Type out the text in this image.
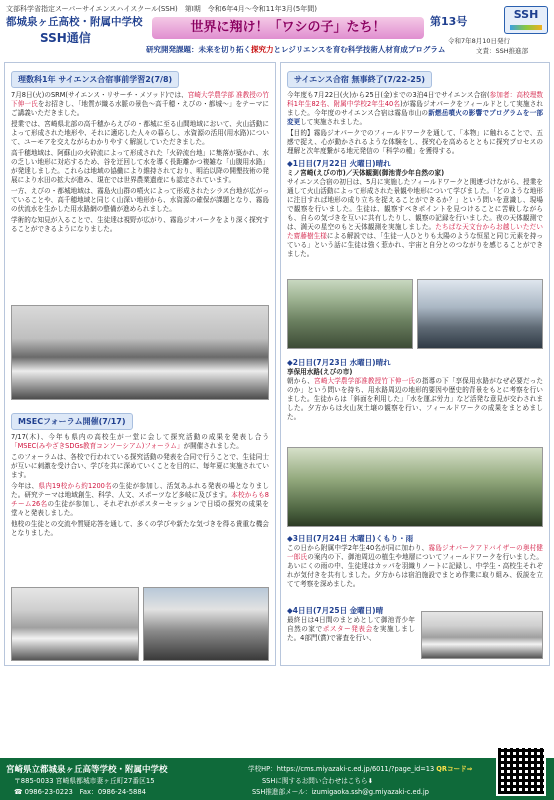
文部科学省指定スーパーサイエンスハイスクール(SSH)　第Ⅰ期　令和6年4月～令和11年3月(5年間)
都城泉ヶ丘高校・附属中学校
SSH通信
世界に翔け！「ワシの子」たち！
研究開発課題：未来を切り拓く探究力とレジリエンスを育む科学技術人材育成プログラム
第13号
SSH
令和7年8月10日発行
文責：SSH推進部
理数科1年 サイエンス合宿事前学習2(7/8)

7月8日(火)のSRM(サイエンス・リサーチ・メソッド)では、宮崎大学農学部 准教授の竹下伸一氏をお招きし、「地質が織る水脈の景色～高千穂・えびの・都城～」をテーマにご講義いただきました。

授業では、宮崎県北部の高千穂からえびの・都城に至る山間地域において、火山活動によって形成された地形や、それに適応した人々の暮らし、水資源の活用(用水路)について、ユーモアを交えながらわかりやすく解説していただきました。

高千穂地域は、阿蘇山の火砕流によって形成された「火砕流台地」に集落が築かれ、水の乏しい地形に対応するため、谷を迂回して水を導く長距離かつ複雑な「山腹用水路」が発達しました。これらは地域の協働により維持されており、明治以降の開墾技術の発展により水田の拡大が進み、現在では世界農業遺産にも認定されています。

一方、えびの・都城地域は、霧島火山群の噴火によって形成されたシラス台地が広がっていることや、高千穂地域と同じく山深い地形から、水資源の確保が課題となり、霧島の伏流水を生かした用水路網の整備が進められました。

学術的な知見が入ることで、生徒達は視野が広がり、霧島ジオパークをより深く探究することができるようになりました。

MSECフォーラム開催(7/17)

7/17(木)、今年も県内の高校生が一堂に会して探究活動の成果を発表し合う「MSEC(みやざきSDGs教育コンソーシアム)フォーラム」が開催されました。

このフォーラムは、各校で行われている探究活動の発表を合同で行うことで、生徒同士が互いに刺激を受け合い、学びを共に深めていくことを目的に、毎年夏に実施されています。

今年は、県内19校から約1200名の生徒が参加し、活気あふれる発表の場となりました。研究テーマは地域創生、科学、人文、スポーツなど多岐に及びます。本校からも8チーム26名の生徒が参加し、それぞれがポスターセッションで日頃の探究の成果を堂々と発表しました。

他校の生徒との交流や質疑応答を通して、多くの学びや新たな気づきを得る貴重な機会となりました。

サイエンス合宿 無事終了(7/22-25)

今年度も7月22日(火)から25日(金)までの3泊4日でサイエンス合宿(参加者：高校理数科1年生82名、附属中学校2年生40名)が霧島ジオパークをフィールドとして実施されました。今年度のサイエンス合宿は霧島市山の新燃岳噴火の影響でプログラムを一部変更して実施されました。

【目的】霧島ジオパークでのフィールドワークを通して、「本物」に触れることで、五感で捉え、心が動かされるような体験をし、探究心を高めるとともに探究プロセスの理解と次年度繋がる地元発信の「科学の種」を獲得する。

◆1日目(7月22日 火曜日)晴れ
ミノ宮崎(えびの市)／天体観測(御池青少年自然の家)

サイエンス合宿の初日は、5月に実施したフィールドワークと関連づけながら、授業を通して火山活動によって形成された景観や地形について学びました。「どのような地形に注目すれば地形の成り立ちを捉えることができるか？」という問いを意識し、現場で観察を行いました。生徒は、観察すべきポイントを見つけることに苦戦しながらも、自らの気づきを互いに共有したりし、観察の記録を行いました。夜の天体観測では、満天の星空のもと天体観測を実施しました。たちばな天文台からお越しいただいた齋藤樹生様による解説では、「生徒一人ひとりも太陽のような恒星と同じ元素を持っている」という話に生徒は強く惹かれ、宇宙と自分とのつながりを感じることができました。

◆2日目(7月23日 水曜日)晴れ
享保用水路(えびの市)

朝から、宮崎大学農学部准教授竹下伸一氏の指導の下「享保用水路がなぜ必要だったのか」という問いを持ち、用水路周辺の地形的要因や歴史的背景をもとに考察を行いました。生徒からは「斜面を利用した」「水を運ぶ労力」など活発な意見が交わされました。夕方からは火山灰土壌の観察を行い、フィールドワークの成果をまとめました。

◆3日目(7月24日 木曜日)くもり・雨

この日から附属中学2年生40名が同に加わり、霧島ジオパークアドバイザーの奥村健一郎氏の案内の下、御池周辺の植生や地層についてフィールドワークを行いました。あいにくの雨の中、生徒達はカッパを羽織りノートに記録し、中学生・高校生それぞれが気付きを共有しました。夕方からは宿泊施設でまとめ作業に取り組み、仮説を立てて考察を深めました。

◆4日目(7月25日 金曜日)晴

最終日は4日間のまとめとして御池青少年自然の家でポスター発表会を実施しました。4部門(賞)で審査を行い、

宮崎県立都城泉ヶ丘高等学校・附属中学校
〒885-0033 宮崎県都城市妻ヶ丘町27番区15
☎ 0986-23-0223　Fax：0986-24-5884
学校HP：https://cms.miyazaki-c.ed.jp/6011/?page_id=13 QRコード⇒
SSHに関するお問い合わせはこちら⬇
SSH推進部メール：izumigaoka.ssh@g.miyazaki-c.ed.jp
